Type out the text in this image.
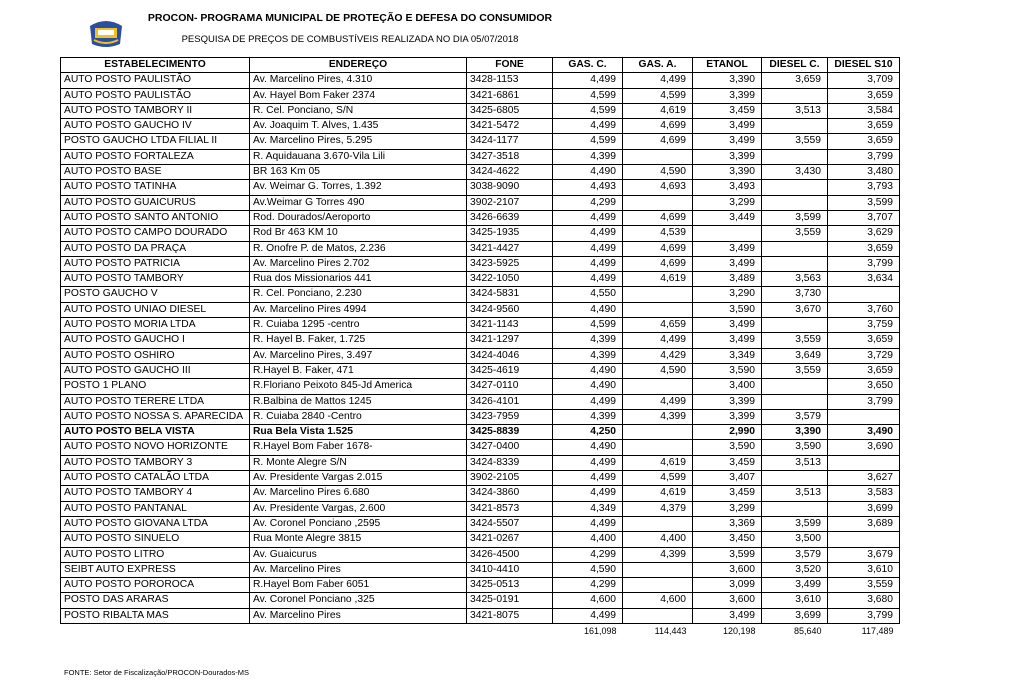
PROCON- PROGRAMA MUNICIPAL DE PROTEÇÃO E DEFESA DO CONSUMIDOR
PESQUISA DE PREÇOS DE COMBUSTÍVEIS REALIZADA NO DIA 05/07/2018
ESTABELECIMENTO	ENDEREÇO	FONE	GAS. C.	GAS. A.	ETANOL	DIESEL C.	DIESEL S10
AUTO POSTO PAULISTÃO	Av. Marcelino Pires, 4.310	3428-1153	4,499	4,499	3,390	3,659	3,709
AUTO POSTO PAULISTÃO	Av. Hayel Bom Faker 2374	3421-6861	4,599	4,599	3,399		3,659
AUTO POSTO TAMBORY II	R. Cel. Ponciano, S/N	3425-6805	4,599	4,619	3,459	3,513	3,584
AUTO POSTO GAUCHO IV	Av. Joaquim T. Alves, 1.435	3421-5472	4,499	4,699	3,499		3,659
POSTO GAUCHO LTDA FILIAL II	Av. Marcelino Pires, 5.295	3424-1177	4,599	4,699	3,499	3,559	3,659
AUTO POSTO FORTALEZA	R. Aquidauana 3.670-Vila Lili	3427-3518	4,399		3,399		3,799
AUTO POSTO BASE	BR 163 Km 05	3424-4622	4,490	4,590	3,390	3,430	3,480
AUTO POSTO TATINHA	Av. Weimar G. Torres, 1.392	3038-9090	4,493	4,693	3,493		3,793
AUTO POSTO GUAICURUS	Av.Weimar G Torres 490	3902-2107	4,299		3,299		3,599
AUTO POSTO SANTO ANTONIO	Rod. Dourados/Aeroporto	3426-6639	4,499	4,699	3,449	3,599	3,707
AUTO POSTO CAMPO DOURADO	Rod Br 463 KM 10	3425-1935	4,499	4,539		3,559	3,629
AUTO POSTO DA PRAÇA	R. Onofre P. de Matos, 2.236	3421-4427	4,499	4,699	3,499		3,659
AUTO POSTO PATRICIA	Av. Marcelino Pires 2.702	3423-5925	4,499	4,699	3,499		3,799
AUTO POSTO TAMBORY	Rua dos Missionarios 441	3422-1050	4,499	4,619	3,489	3,563	3,634
POSTO GAUCHO V	R. Cel. Ponciano, 2.230	3424-5831	4,550		3,290	3,730	
AUTO POSTO UNIAO DIESEL	Av. Marcelino Pires 4994	3424-9560	4,490		3,590	3,670	3,760
AUTO POSTO MORIA LTDA	R. Cuiaba 1295 -centro	3421-1143	4,599	4,659	3,499		3,759
AUTO POSTO GAUCHO I	R. Hayel B. Faker, 1.725	3421-1297	4,399	4,499	3,499	3,559	3,659
AUTO POSTO OSHIRO	Av. Marcelino Pires, 3.497	3424-4046	4,399	4,429	3,349	3,649	3,729
AUTO POSTO GAUCHO III	R.Hayel B. Faker, 471	3425-4619	4,490	4,590	3,590	3,559	3,659
POSTO 1 PLANO	R.Floriano Peixoto 845-Jd America	3427-0110	4,490		3,400		3,650
AUTO POSTO TERERE LTDA	R.Balbina de Mattos 1245	3426-4101	4,499	4,499	3,399		3,799
AUTO POSTO NOSSA S. APARECIDA	R. Cuiaba 2840 -Centro	3423-7959	4,399	4,399	3,399	3,579	
AUTO POSTO BELA VISTA	Rua Bela Vista 1.525	3425-8839	4,250		2,990	3,390	3,490
AUTO POSTO NOVO HORIZONTE	R.Hayel Bom Faber 1678-	3427-0400	4,490		3,590	3,590	3,690
AUTO POSTO TAMBORY 3	R. Monte Alegre S/N	3424-8339	4,499	4,619	3,459	3,513	
AUTO POSTO CATALÃO LTDA	Av. Presidente Vargas 2.015	3902-2105	4,499	4,599	3,407		3,627
AUTO POSTO TAMBORY 4	Av. Marcelino Pires 6.680	3424-3860	4,499	4,619	3,459	3,513	3,583
AUTO POSTO PANTANAL	Av. Presidente Vargas, 2.600	3421-8573	4,349	4,379	3,299		3,699
AUTO POSTO GIOVANA LTDA	Av. Coronel Ponciano ,2595	3424-5507	4,499		3,369	3,599	3,689
AUTO POSTO SINUELO	Rua Monte Alegre 3815	3421-0267	4,400	4,400	3,450	3,500	
AUTO POSTO LITRO	Av. Guaicurus	3426-4500	4,299	4,399	3,599	3,579	3,679
SEIBT AUTO EXPRESS	Av. Marcelino Pires	3410-4410	4,590		3,600	3,520	3,610
AUTO POSTO POROROCA	R.Hayel Bom Faber 6051	3425-0513	4,299		3,099	3,499	3,559
POSTO DAS ARARAS	Av. Coronel Ponciano ,325	3425-0191	4,600	4,600	3,600	3,610	3,680
POSTO RIBALTA MAS	Av. Marcelino Pires	3421-8075	4,499		3,499	3,699	3,799
			161,098	114,443	120,198	85,640	117,489
FONTE: Setor de Fiscalização/PROCON-Dourados-MS
